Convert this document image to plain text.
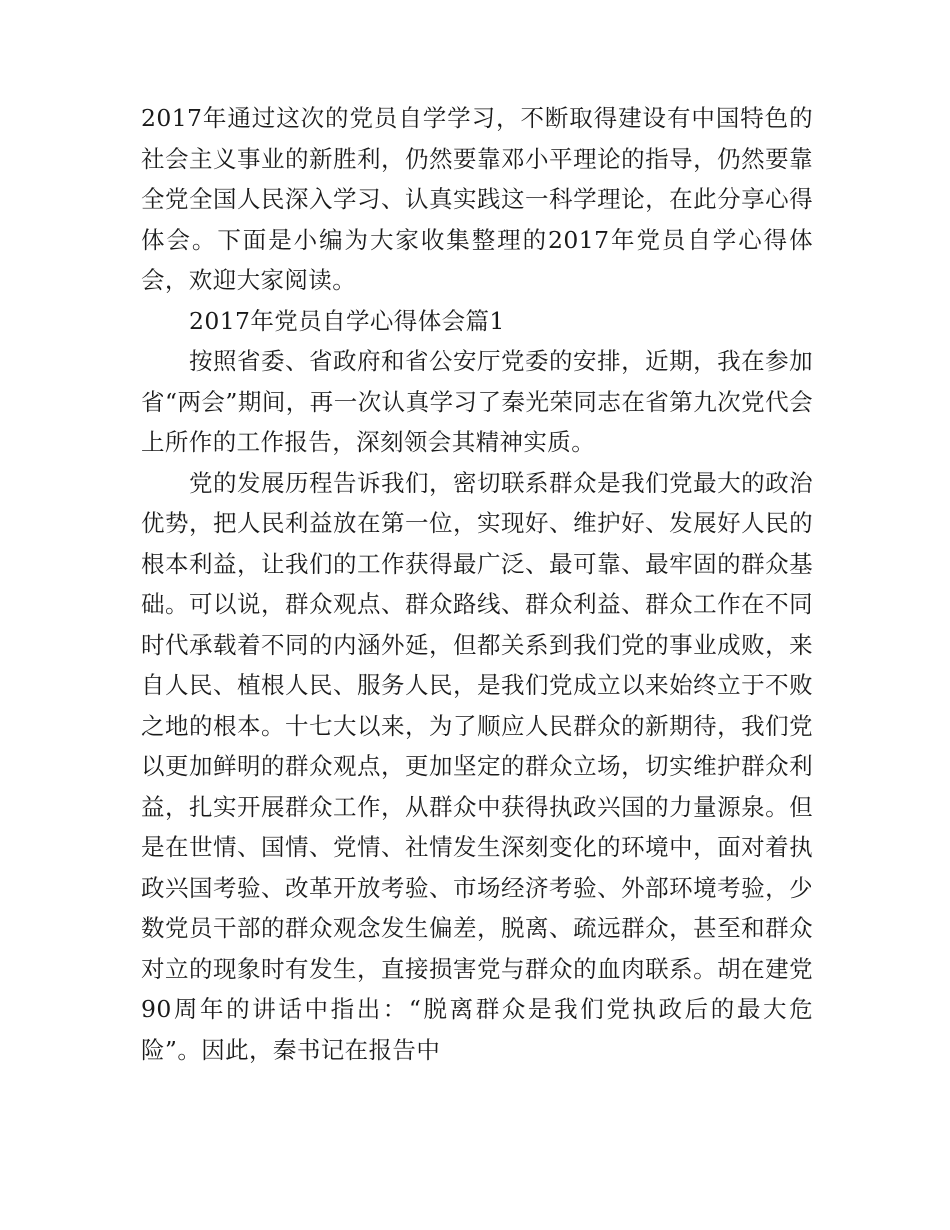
2017年通过这次的党员自学学习，不断取得建设有中国特色的社会主义事业的新胜利，仍然要靠邓小平理论的指导，仍然要靠全党全国人民深入学习、认真实践这一科学理论，在此分享心得体会。下面是小编为大家收集整理的2017年党员自学心得体会，欢迎大家阅读。

2017年党员自学心得体会篇1

按照省委、省政府和省公安厅党委的安排，近期，我在参加省“两会”期间，再一次认真学习了秦光荣同志在省第九次党代会上所作的工作报告，深刻领会其精神实质。

党的发展历程告诉我们，密切联系群众是我们党最大的政治优势，把人民利益放在第一位，实现好、维护好、发展好人民的根本利益，让我们的工作获得最广泛、最可靠、最牢固的群众基础。可以说，群众观点、群众路线、群众利益、群众工作在不同时代承载着不同的内涵外延，但都关系到我们党的事业成败，来自人民、植根人民、服务人民，是我们党成立以来始终立于不败之地的根本。十七大以来，为了顺应人民群众的新期待，我们党以更加鲜明的群众观点，更加坚定的群众立场，切实维护群众利益，扎实开展群众工作，从群众中获得执政兴国的力量源泉。但是在世情、国情、党情、社情发生深刻变化的环境中，面对着执政兴国考验、改革开放考验、市场经济考验、外部环境考验，少数党员干部的群众观念发生偏差，脱离、疏远群众，甚至和群众对立的现象时有发生，直接损害党与群众的血肉联系。胡在建党90周年的讲话中指出：“脱离群众是我们党执政后的最大危险”。因此，秦书记在报告中
